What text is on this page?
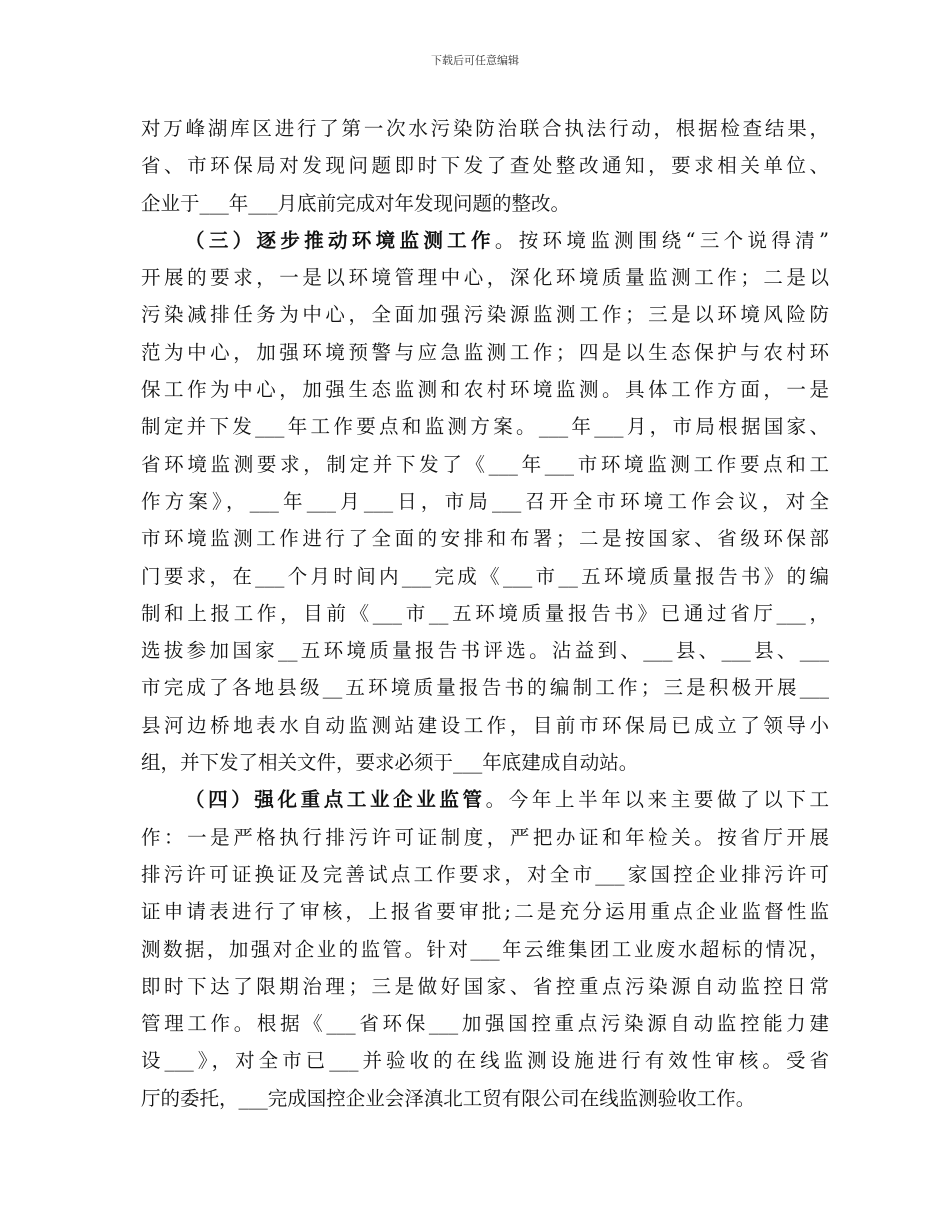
下载后可任意编辑
对万峰湖库区进行了第一次水污染防治联合执法行动，根据检查结果，
省、市环保局对发现问题即时下发了查处整改通知，要求相关单位、
企业于___年___月底前完成对年发现问题的整改。
（三）逐步推动环境监测工作。按环境监测围绕“三个说得清”
开展的要求，一是以环境管理中心，深化环境质量监测工作；二是以
污染减排任务为中心，全面加强污染源监测工作；三是以环境风险防
范为中心，加强环境预警与应急监测工作；四是以生态保护与农村环
保工作为中心，加强生态监测和农村环境监测。具体工作方面，一是
制定并下发___年工作要点和监测方案。___年___月，市局根据国家、
省环境监测要求，制定并下发了《___年___市环境监测工作要点和工
作方案》，___年___月___日，市局___召开全市环境工作会议，对全
市环境监测工作进行了全面的安排和布署；二是按国家、省级环保部
门要求，在___个月时间内___完成《___市__五环境质量报告书》的编
制和上报工作，目前《___市__五环境质量报告书》已通过省厅___，
选拔参加国家__五环境质量报告书评选。沾益到、___县、___县、___
市完成了各地县级__五环境质量报告书的编制工作；三是积极开展___
县河边桥地表水自动监测站建设工作，目前市环保局已成立了领导小
组，并下发了相关文件，要求必须于___年底建成自动站。
（四）强化重点工业企业监管。今年上半年以来主要做了以下工
作：一是严格执行排污许可证制度，严把办证和年检关。按省厅开展
排污许可证换证及完善试点工作要求，对全市___家国控企业排污许可
证申请表进行了审核，上报省要审批;二是充分运用重点企业监督性监
测数据，加强对企业的监管。针对___年云维集团工业废水超标的情况，
即时下达了限期治理；三是做好国家、省控重点污染源自动监控日常
管理工作。根据《___省环保___加强国控重点污染源自动监控能力建
设___》，对全市已___并验收的在线监测设施进行有效性审核。受省
厅的委托，___完成国控企业会泽滇北工贸有限公司在线监测验收工作。
